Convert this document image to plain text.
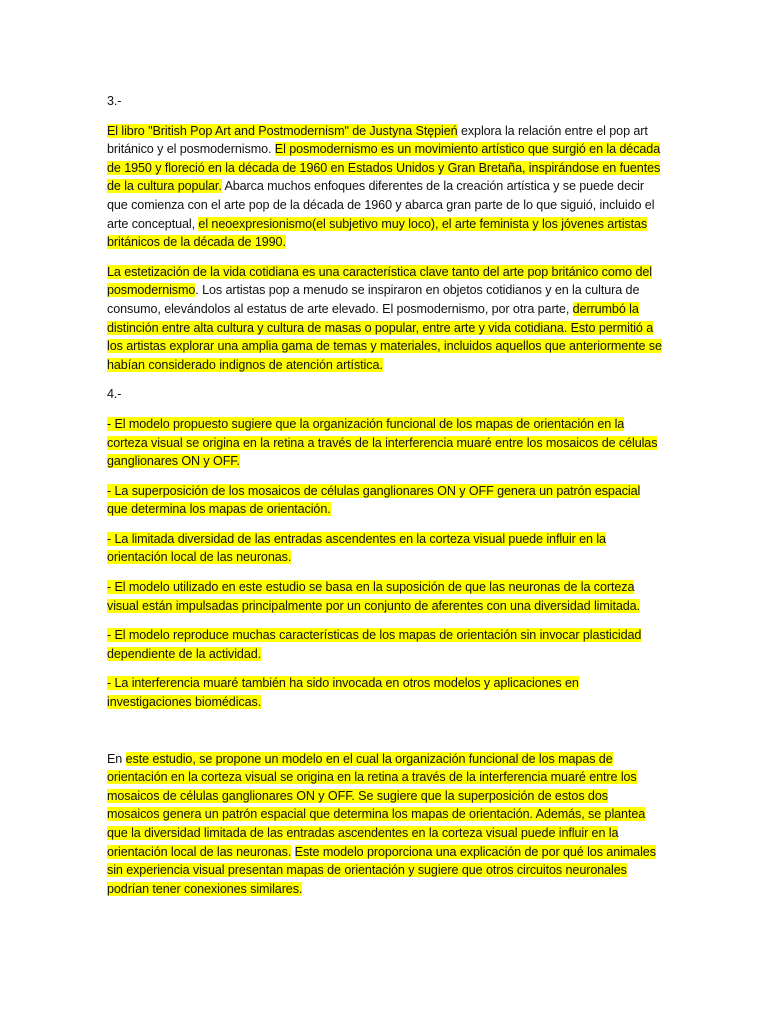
3.-

El libro "British Pop Art and Postmodernism" de Justyna Stępień explora la relación entre el pop art británico y el posmodernismo. El posmodernismo es un movimiento artístico que surgió en la década de 1950 y floreció en la década de 1960 en Estados Unidos y Gran Bretaña, inspirándose en fuentes de la cultura popular. Abarca muchos enfoques diferentes de la creación artística y se puede decir que comienza con el arte pop de la década de 1960 y abarca gran parte de lo que siguió, incluido el arte conceptual, el neoexpresionismo(el subjetivo muy loco), el arte feminista y los jóvenes artistas británicos de la década de 1990.

La estetización de la vida cotidiana es una característica clave tanto del arte pop británico como del posmodernismo. Los artistas pop a menudo se inspiraron en objetos cotidianos y en la cultura de consumo, elevándolos al estatus de arte elevado. El posmodernismo, por otra parte, derrumbó la distinción entre alta cultura y cultura de masas o popular, entre arte y vida cotidiana. Esto permitió a los artistas explorar una amplia gama de temas y materiales, incluidos aquellos que anteriormente se habían considerado indignos de atención artística.

4.-

- El modelo propuesto sugiere que la organización funcional de los mapas de orientación en la corteza visual se origina en la retina a través de la interferencia muaré entre los mosaicos de células ganglionares ON y OFF.

- La superposición de los mosaicos de células ganglionares ON y OFF genera un patrón espacial que determina los mapas de orientación.

- La limitada diversidad de las entradas ascendentes en la corteza visual puede influir en la orientación local de las neuronas.

- El modelo utilizado en este estudio se basa en la suposición de que las neuronas de la corteza visual están impulsadas principalmente por un conjunto de aferentes con una diversidad limitada.

- El modelo reproduce muchas características de los mapas de orientación sin invocar plasticidad dependiente de la actividad.

- La interferencia muaré también ha sido invocada en otros modelos y aplicaciones en investigaciones biomédicas.

En este estudio, se propone un modelo en el cual la organización funcional de los mapas de orientación en la corteza visual se origina en la retina a través de la interferencia muaré entre los mosaicos de células ganglionares ON y OFF. Se sugiere que la superposición de estos dos mosaicos genera un patrón espacial que determina los mapas de orientación. Además, se plantea que la diversidad limitada de las entradas ascendentes en la corteza visual puede influir en la orientación local de las neuronas. Este modelo proporciona una explicación de por qué los animales sin experiencia visual presentan mapas de orientación y sugiere que otros circuitos neuronales podrían tener conexiones similares.
